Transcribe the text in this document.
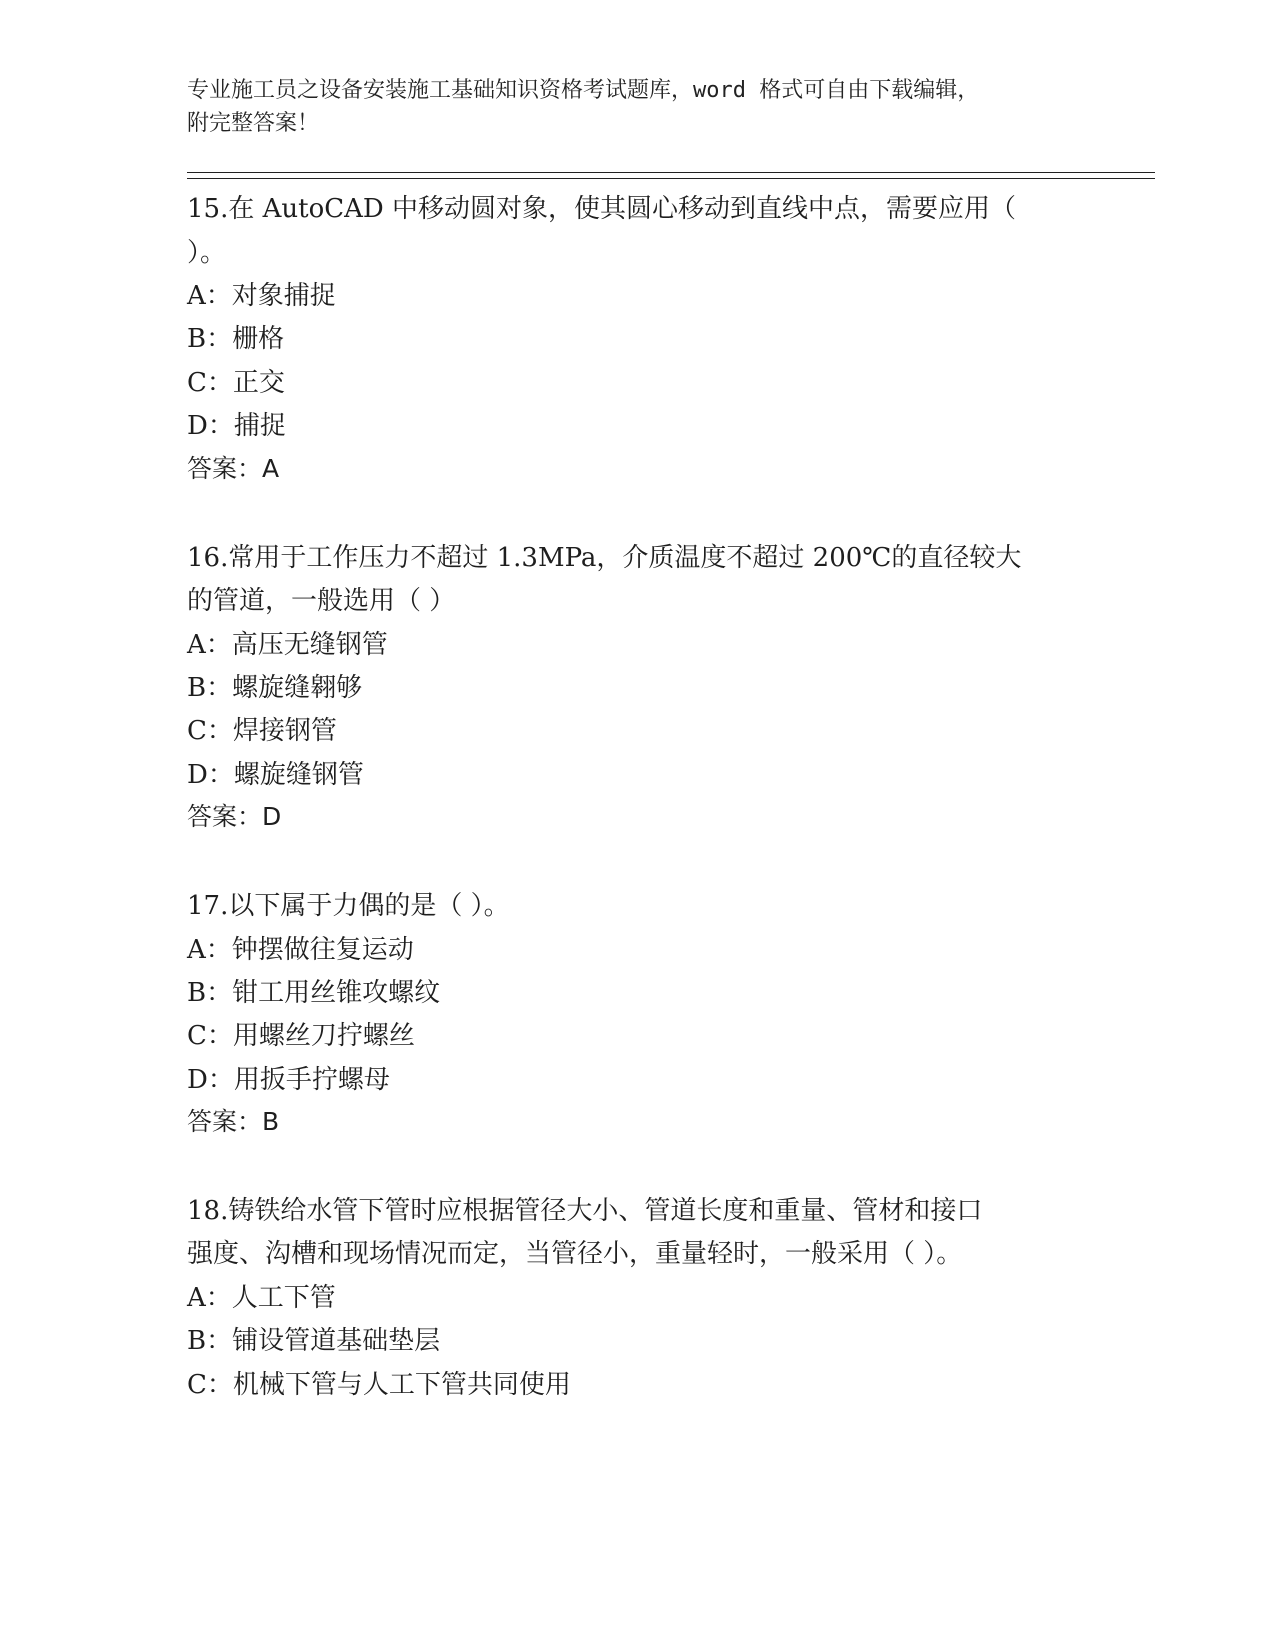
专业施工员之设备安装施工基础知识资格考试题库，word 格式可自由下载编辑，
附完整答案！
15.在 AutoCAD 中移动圆对象，使其圆心移动到直线中点，需要应用（
）。
A：对象捕捉
B：栅格
C：正交
D：捕捉
答案：A
16.常用于工作压力不超过 1.3MPa，介质温度不超过 200℃的直径较大
的管道，一般选用（ ）
A：高压无缝钢管
B：螺旋缝翱够
C：焊接钢管
D：螺旋缝钢管
答案：D
17.以下属于力偶的是（ ）。
A：钟摆做往复运动
B：钳工用丝锥攻螺纹
C：用螺丝刀拧螺丝
D：用扳手拧螺母
答案：B
18.铸铁给水管下管时应根据管径大小、管道长度和重量、管材和接口
强度、沟槽和现场情况而定，当管径小，重量轻时，一般采用（ ）。
A：人工下管
B：铺设管道基础垫层
C：机械下管与人工下管共同使用
